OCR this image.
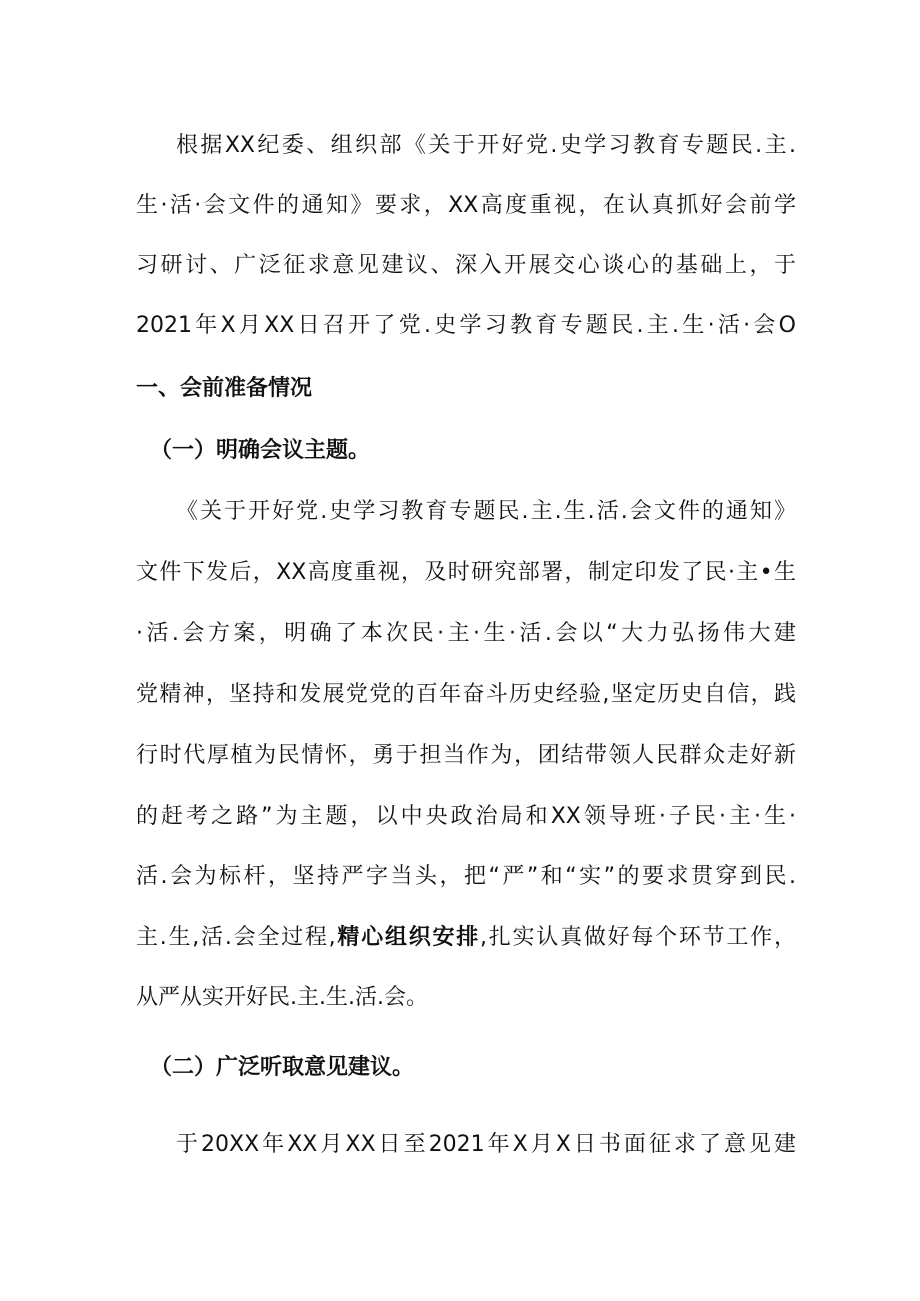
根据XX纪委、组织部《关于开好党.史学习教育专题民.主.
生·活·会文件的通知》要求，XX高度重视，在认真抓好会前学
习研讨、广泛征求意见建议、深入开展交心谈心的基础上，于
2021年X月XX日召开了党.史学习教育专题民.主.生·活·会O
一、会前准备情况
（一）明确会议主题。
《关于开好党.史学习教育专题民.主.生.活.会文件的通知》
文件下发后，XX高度重视，及时研究部署，制定印发了民·主•生
·活.会方案，明确了本次民·主·生·活.会以“大力弘扬伟大建
党精神，坚持和发展党党的百年奋斗历史经验,坚定历史自信，践
行时代厚植为民情怀，勇于担当作为，团结带领人民群众走好新
的赶考之路”为主题，以中央政治局和XX领导班·子民·主·生·
活.会为标杆，坚持严字当头，把“严”和“实”的要求贯穿到民.
主.生,活.会全过程,精心组织安排,扎实认真做好每个环节工作，
从严从实开好民.主.生.活.会。
（二）广泛听取意见建议。
于20XX年XX月XX日至2021年X月X日书面征求了意见建
